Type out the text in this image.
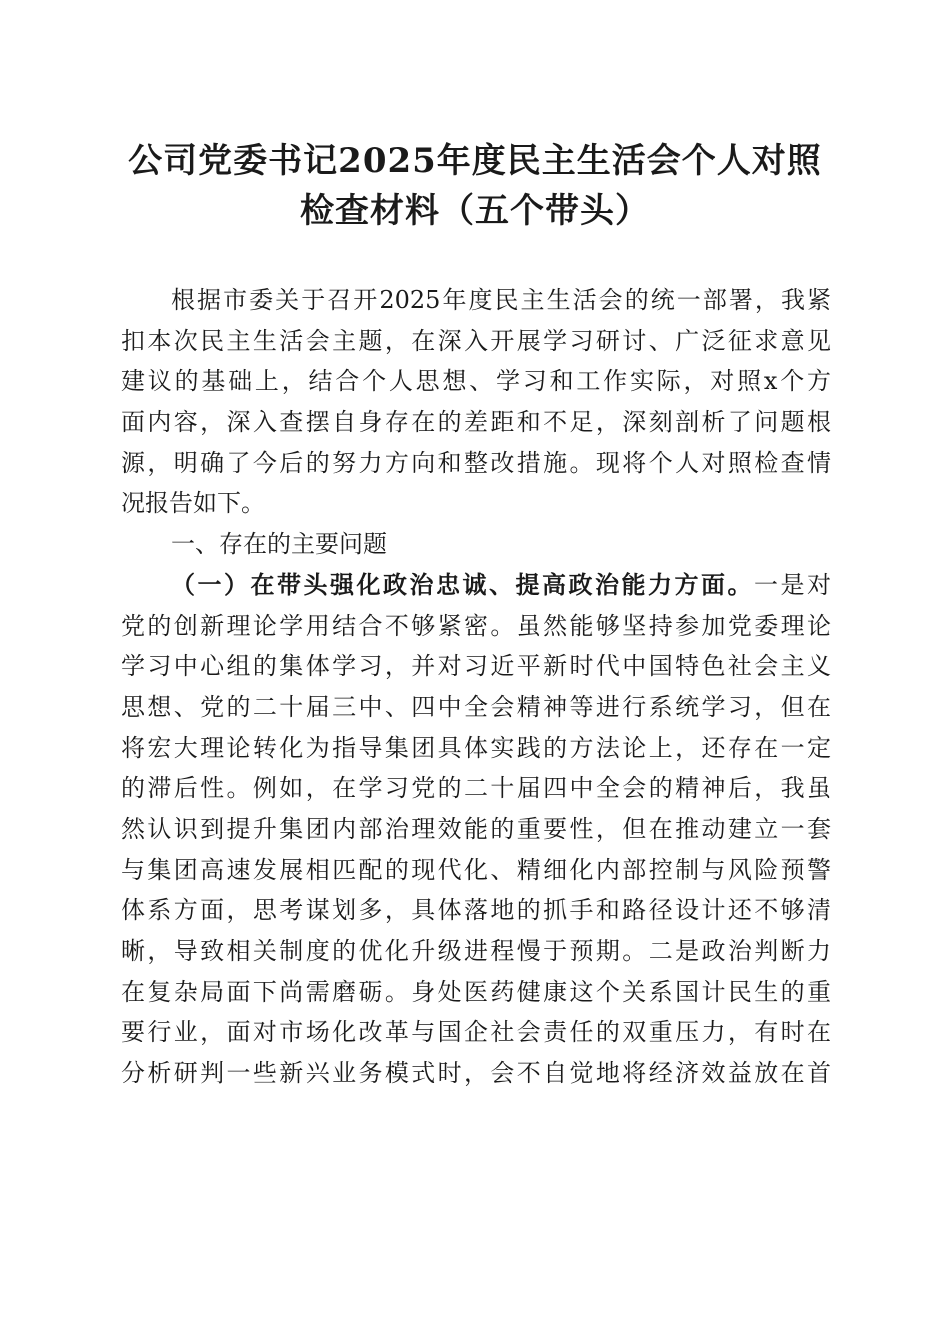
公司党委书记2025年度民主生活会个人对照
检查材料（五个带头）
根据市委关于召开2025年度民主生活会的统一部署，我紧
扣本次民主生活会主题，在深入开展学习研讨、广泛征求意见
建议的基础上，结合个人思想、学习和工作实际，对照x个方
面内容，深入查摆自身存在的差距和不足，深刻剖析了问题根
源，明确了今后的努力方向和整改措施。现将个人对照检查情
况报告如下。
一、存在的主要问题
（一）在带头强化政治忠诚、提高政治能力方面。一是对
党的创新理论学用结合不够紧密。虽然能够坚持参加党委理论
学习中心组的集体学习，并对习近平新时代中国特色社会主义
思想、党的二十届三中、四中全会精神等进行系统学习，但在
将宏大理论转化为指导集团具体实践的方法论上，还存在一定
的滞后性。例如，在学习党的二十届四中全会的精神后，我虽
然认识到提升集团内部治理效能的重要性，但在推动建立一套
与集团高速发展相匹配的现代化、精细化内部控制与风险预警
体系方面，思考谋划多，具体落地的抓手和路径设计还不够清
晰，导致相关制度的优化升级进程慢于预期。二是政治判断力
在复杂局面下尚需磨砺。身处医药健康这个关系国计民生的重
要行业，面对市场化改革与国企社会责任的双重压力，有时在
分析研判一些新兴业务模式时，会不自觉地将经济效益放在首
